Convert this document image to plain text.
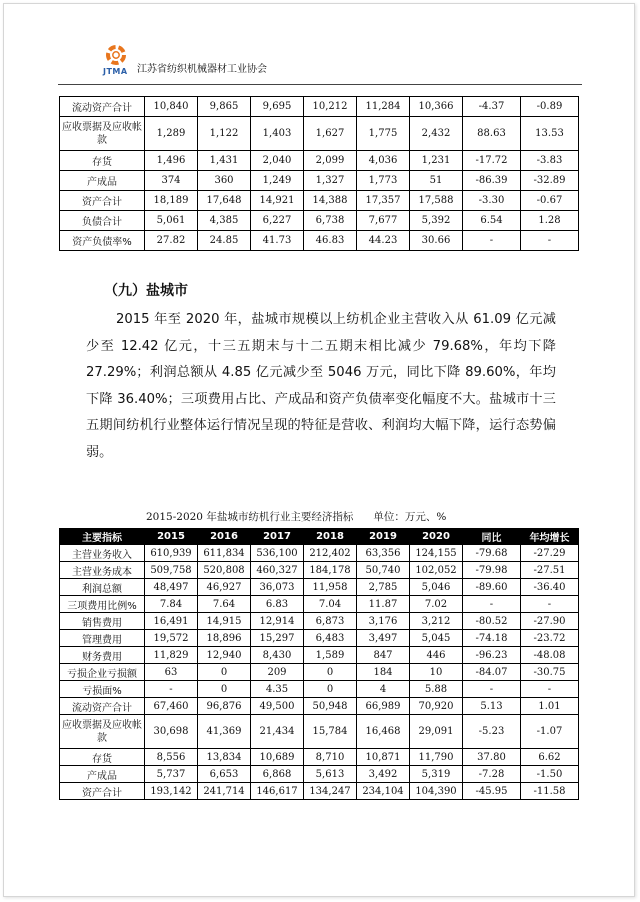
JTMA 江苏省纺织机械器材工业协会
流动资产合计	10,840	9,865	9,695	10,212	11,284	10,366	-4.37	-0.89
应收票据及应收帐款	1,289	1,122	1,403	1,627	1,775	2,432	88.63	13.53
存货	1,496	1,431	2,040	2,099	4,036	1,231	-17.72	-3.83
产成品	374	360	1,249	1,327	1,773	51	-86.39	-32.89
资产合计	18,189	17,648	14,921	14,388	17,357	17,588	-3.30	-0.67
负债合计	5,061	4,385	6,227	6,738	7,677	5,392	6.54	1.28
资产负债率%	27.82	24.85	41.73	46.83	44.23	30.66	-	-
（九）盐城市

2015 年至 2020 年，盐城市规模以上纺机企业主营收入从 61.09 亿元减少至 12.42 亿元，十三五期末与十二五期末相比减少 79.68%，年均下降 27.29%；利润总额从 4.85 亿元减少至 5046 万元，同比下降 89.60%，年均下降 36.40%；三项费用占比、产成品和资产负债率变化幅度不大。盐城市十三五期间纺机行业整体运行情况呈现的特征是营收、利润均大幅下降，运行态势偏弱。

2015-2020 年盐城市纺机行业主要经济指标      单位：万元、%
主要指标	2015	2016	2017	2018	2019	2020	同比	年均增长
主营业务收入	610,939	611,834	536,100	212,402	63,356	124,155	-79.68	-27.29
主营业务成本	509,758	520,808	460,327	184,178	50,740	102,052	-79.98	-27.51
利润总额	48,497	46,927	36,073	11,958	2,785	5,046	-89.60	-36.40
三项费用比例%	7.84	7.64	6.83	7.04	11.87	7.02	-	-
销售费用	16,491	14,915	12,914	6,873	3,176	3,212	-80.52	-27.90
管理费用	19,572	18,896	15,297	6,483	3,497	5,045	-74.18	-23.72
财务费用	11,829	12,940	8,430	1,589	847	446	-96.23	-48.08
亏损企业亏损额	63	0	209	0	184	10	-84.07	-30.75
亏损面%	-	0	4.35	0	4	5.88	-	-
流动资产合计	67,460	96,876	49,500	50,948	66,989	70,920	5.13	1.01
应收票据及应收帐款	30,698	41,369	21,434	15,784	16,468	29,091	-5.23	-1.07
存货	8,556	13,834	10,689	8,710	10,871	11,790	37.80	6.62
产成品	5,737	6,653	6,868	5,613	3,492	5,319	-7.28	-1.50
资产合计	193,142	241,714	146,617	134,247	234,104	104,390	-45.95	-11.58
